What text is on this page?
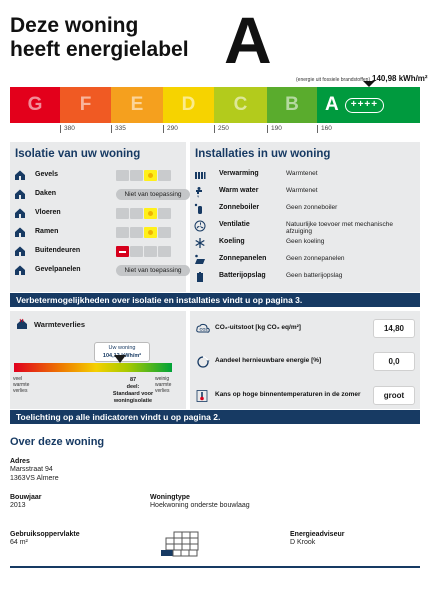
Deze woning
heeft energielabel A
(energie uit fossiele brandstoffen) 140,98 kWh/m²
G F E D C B A	++++
380	335	290	250	190	160
Isolatie van uw woning
Gevels
Daken	Niet van toepassing
Vloeren
Ramen
Buitendeuren
Gevelpanelen	Niet van toepassing
Installaties in uw woning
Verwarming	Warmtenet
Warm water	Warmtenet
Zonneboiler	Geen zonneboiler
Ventilatie	Natuurlijke toevoer met mechanische afzuiging
Koeling	Geen koeling
Zonnepanelen	Geen zonnepanelen
Batterijopslag	Geen batterijopslag
Verbetermogelijkheden over isolatie en installaties vindt u op pagina 3.
Warmteverlies
Uw woning
104,12 kWh/m²
veel warmte verlies
weinig warmte verlies
87
deel:
Standaard voor woningisolatie
CO2 CO₂-uitstoot [kg CO₂ eq/m²]	14,80
Aandeel hernieuwbare energie [%]	0,0
Kans op hoge binnentemperaturen in de zomer	groot
Toelichting op alle indicatoren vindt u op pagina 2.
Over deze woning
Adres

Marsstraat 94

1363VS Almere

Bouwjaar

2013

Woningtype

Hoekwoning onderste bouwlaag

Gebruiksoppervlakte

64 m²

Energieadviseur

D Krook
